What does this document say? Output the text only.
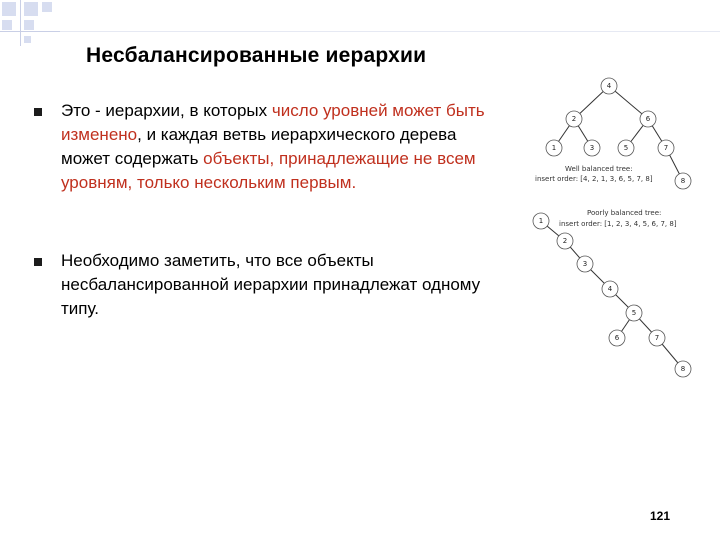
Несбалансированные иерархии
Это - иерархии, в которых число уровней может быть изменено, и каждая ветвь иерархического дерева может содержать объекты, принадлежащие не всем уровням, только нескольким первым.
Необходимо заметить, что все объекты несбалансированной иерархии принадлежат одному типу.
4
2	6
1	3	5	7
8
Well balanced tree:
insert order: [4, 2, 1, 3, 6, 5, 7, 8]
1
2
3
4
5
6	7
8
Poorly balanced tree:
insert order: [1, 2, 3, 4, 5, 6, 7, 8]
121
